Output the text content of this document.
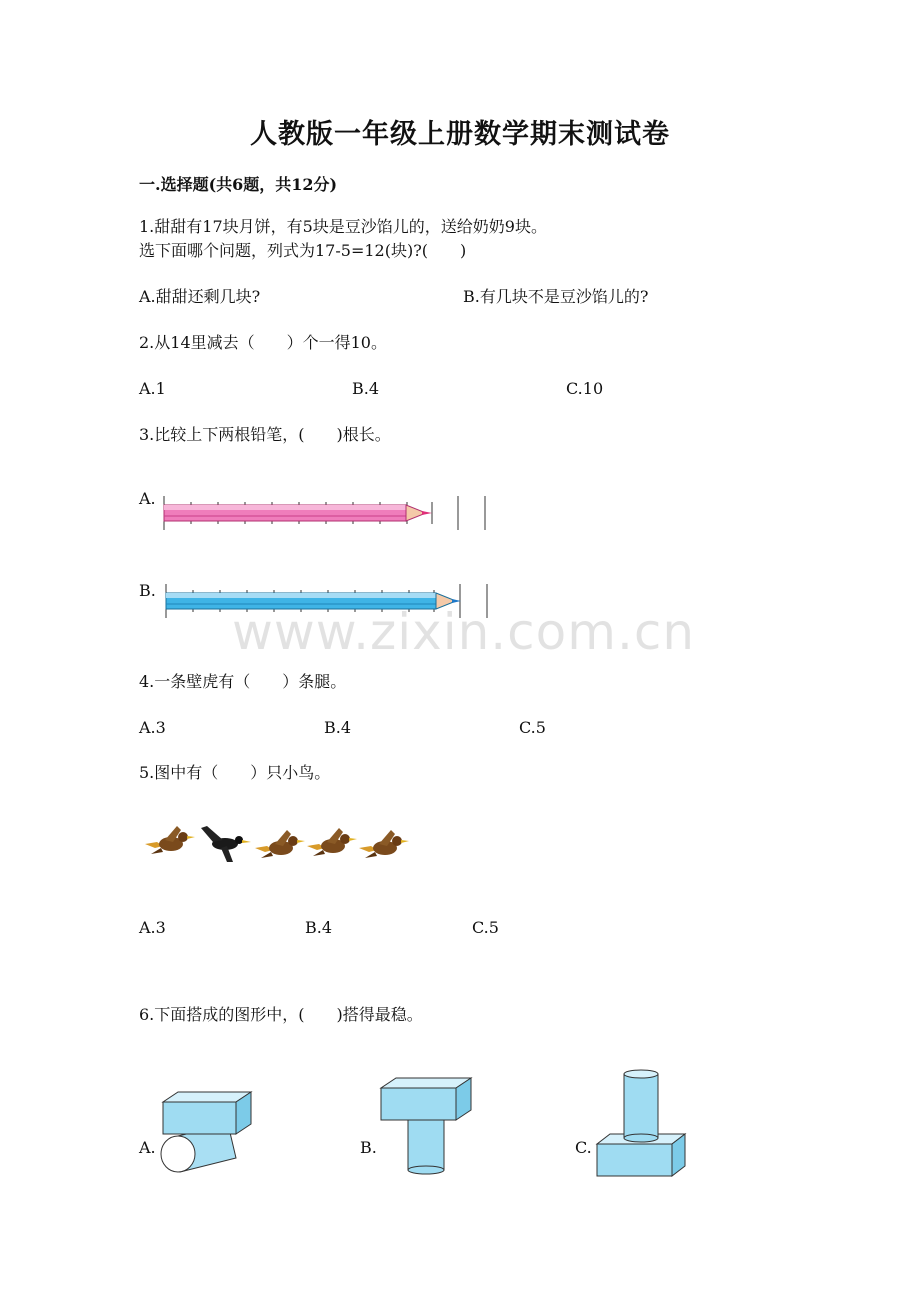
人教版一年级上册数学期末测试卷
一.选择题(共6题，共12分)
1.甜甜有17块月饼，有5块是豆沙馅儿的，送给奶奶9块。
选下面哪个问题，列式为17-5=12(块)?(　　)
A.甜甜还剩几块?	B.有几块不是豆沙馅儿的?
2.从14里减去（　　）个一得10。
A.1	B.4	C.10
3.比较上下两根铅笔，(　　)根长。
A.
B.
www.zixin.com.cn
4.一条壁虎有（　　）条腿。
A.3	B.4	C.5
5.图中有（　　）只小鸟。
A.3	B.4	C.5
6.下面搭成的图形中，(　　)搭得最稳。
A.	B.	C.
